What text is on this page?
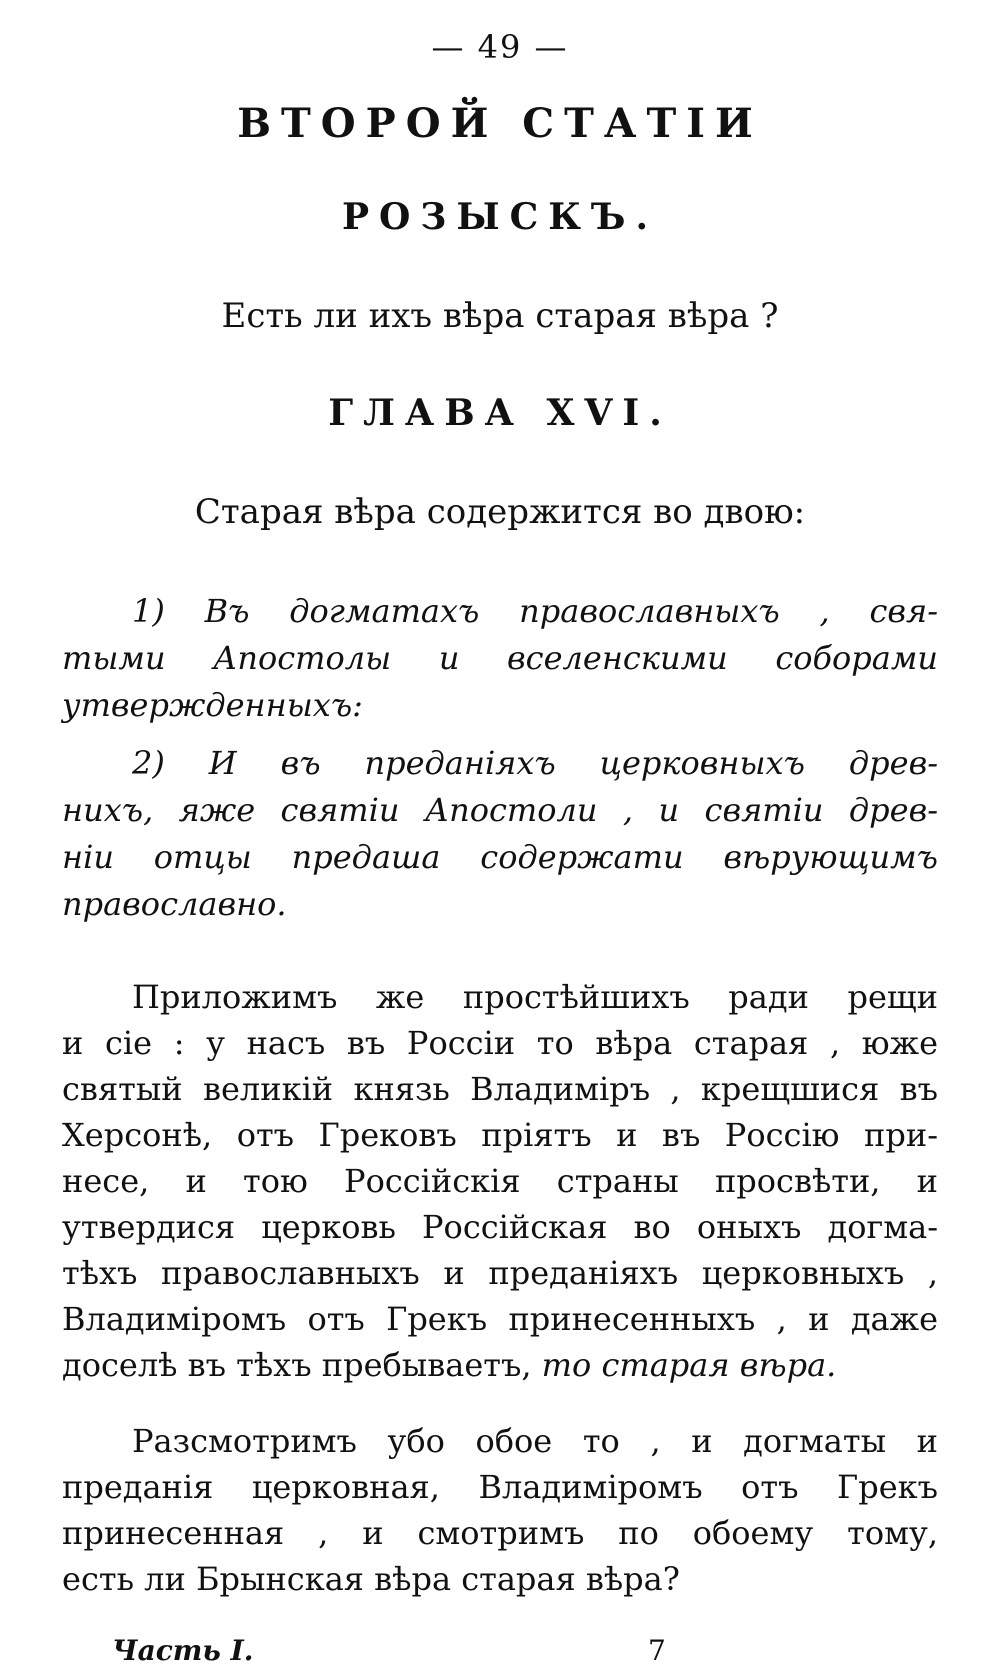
— 49 —
ВТОРОЙ СТАТІИ
РОЗЫСКЪ.
Есть ли ихъ вѣра старая вѣра ?
ГЛАВА XVI.
Старая вѣра содержится во двою:
1) Въ догматахъ православныхъ , свя-
тыми Апостолы и вселенскими соборами
утвержденныхъ:
2) И въ преданіяхъ церковныхъ древ-
нихъ, яже святіи Апостоли , и святіи древ-
ніи отцы предаша содержати вѣрующимъ
православно.
Приложимъ же простѣйшихъ ради рещи
и сіе : у насъ въ Россіи то вѣра старая , юже
святый великій князь Владиміръ , крещшися въ
Херсонѣ, отъ Грековъ пріятъ и въ Россію при-
несе, и тою Россійскія страны просвѣти, и
утвердися церковь Россійская во оныхъ догма-
тѣхъ православныхъ и преданіяхъ церковныхъ ,
Владиміромъ отъ Грекъ принесенныхъ , и даже
доселѣ въ тѣхъ пребываетъ, то старая вѣра.
Разсмотримъ убо обое то , и догматы и
преданія церковная, Владиміромъ отъ Грекъ
принесенная , и смотримъ по обоему тому,
есть ли Брынская вѣра старая вѣра?
Часть I.	7
